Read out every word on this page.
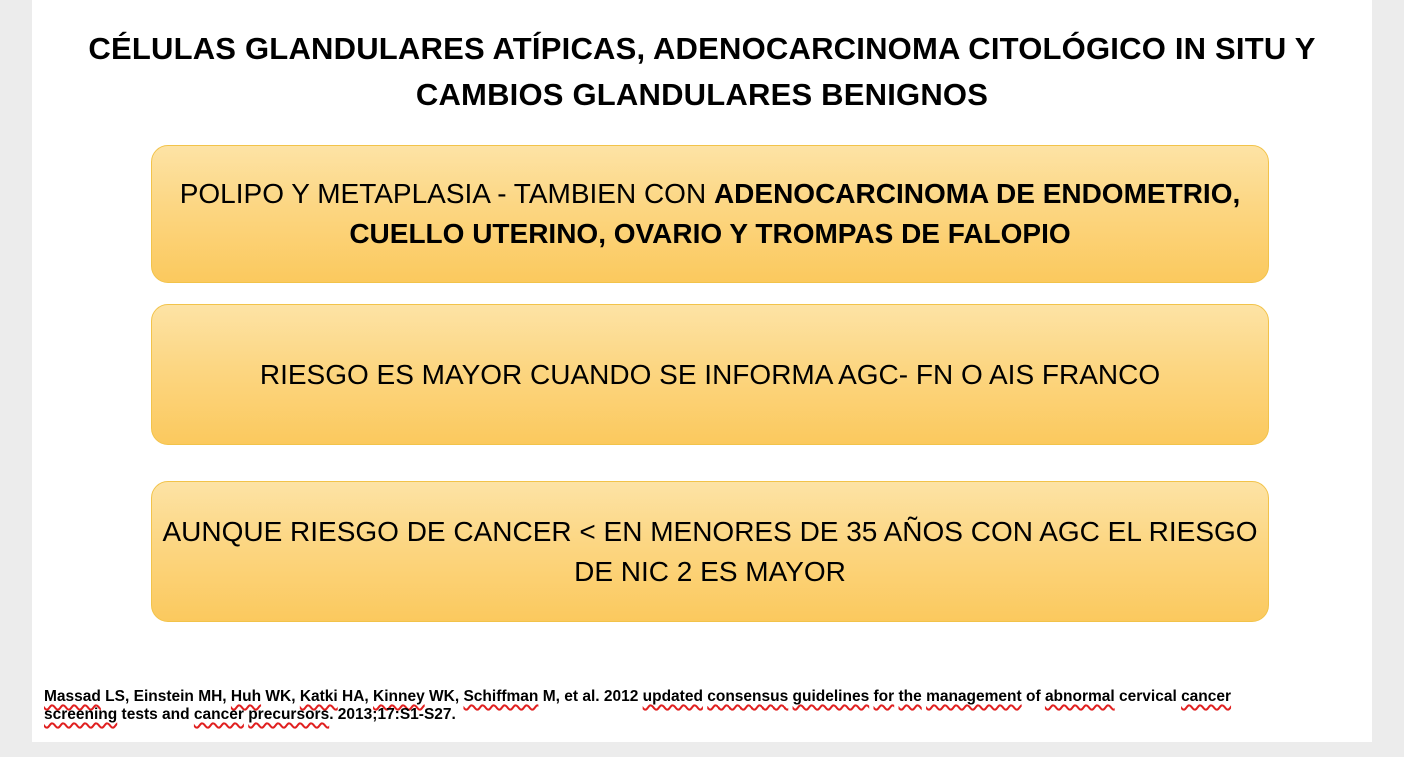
CÉLULAS GLANDULARES ATÍPICAS, ADENOCARCINOMA CITOLÓGICO IN SITU Y
CAMBIOS GLANDULARES BENIGNOS
POLIPO Y METAPLASIA - TAMBIEN CON ADENOCARCINOMA DE ENDOMETRIO,
CUELLO UTERINO, OVARIO Y TROMPAS DE FALOPIO
RIESGO ES MAYOR CUANDO SE INFORMA AGC- FN O AIS FRANCO
AUNQUE RIESGO DE CANCER < EN MENORES DE 35 AÑOS CON AGC EL RIESGO
DE NIC 2 ES MAYOR
Massad LS, Einstein MH, Huh WK, Katki HA, Kinney WK, Schiffman M, et al. 2012 updated consensus guidelines for the management of abnormal cervical cancer
screening tests and cancer precursors. 2013;17:S1-S27.
